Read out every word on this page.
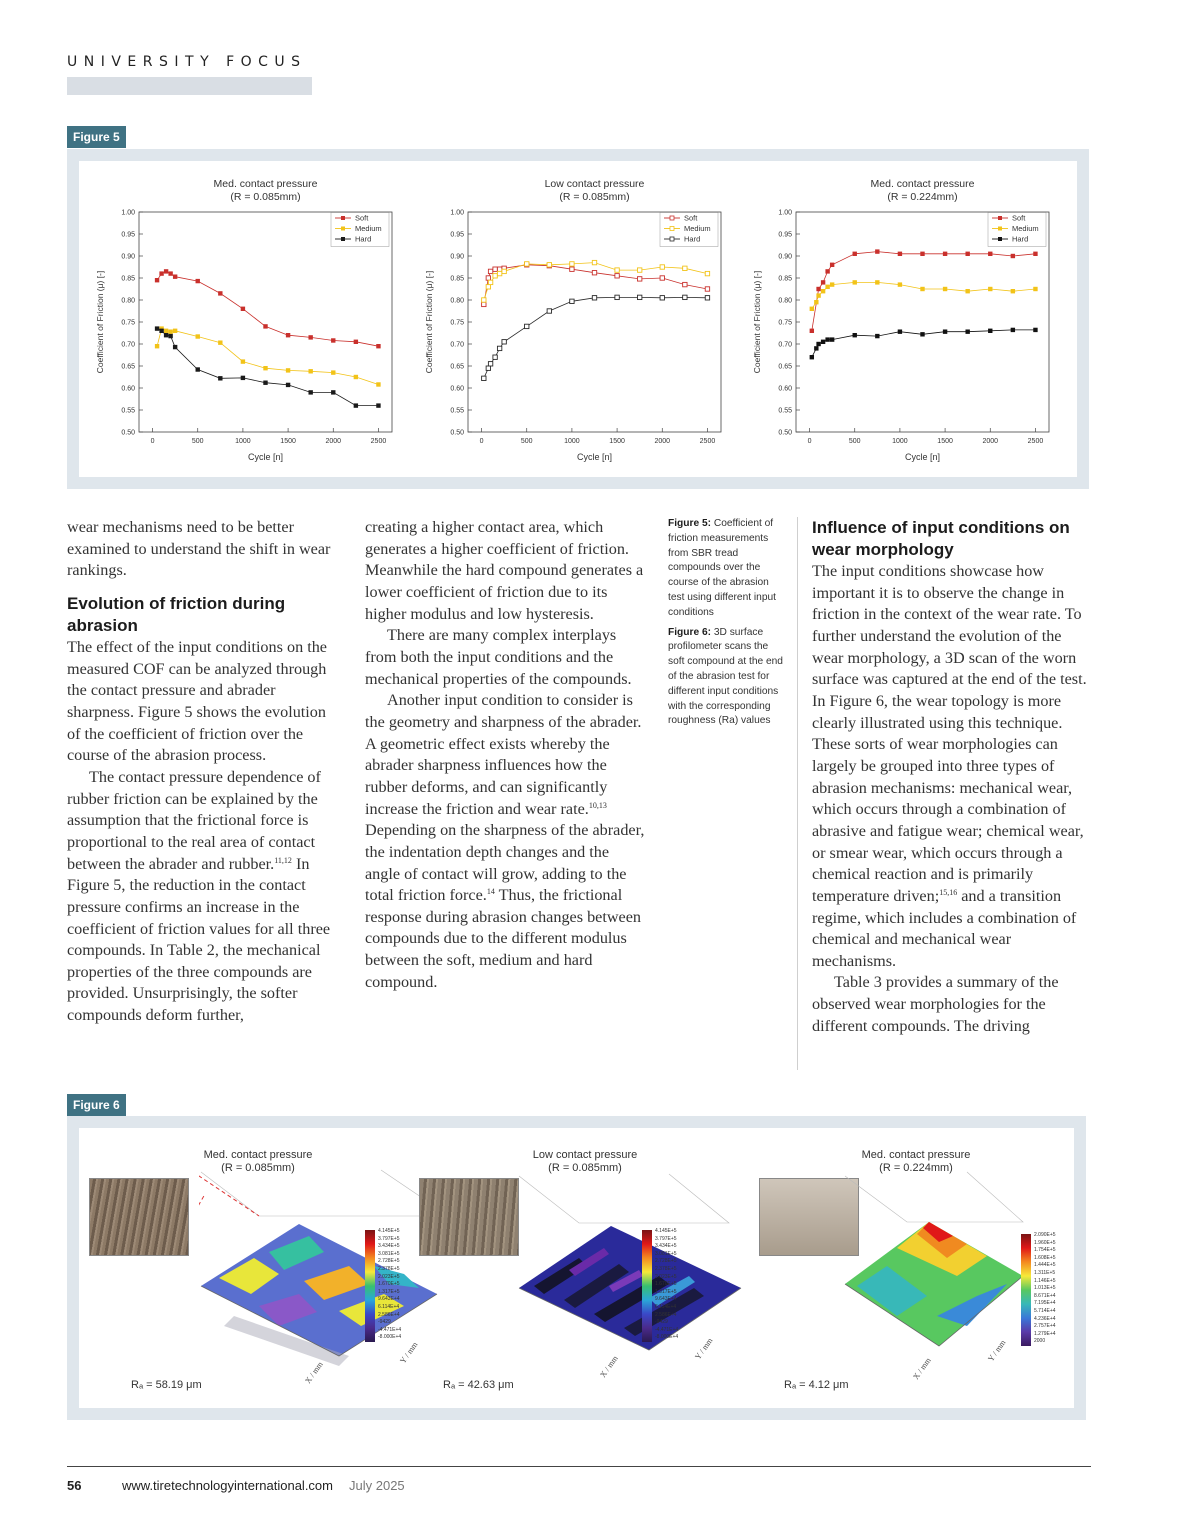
UNIVERSITY FOCUS
Figure 5
Med. contact pressure
(R = 0.085mm)
0.50
0.55
0.60
0.65
0.70
0.75
0.80
0.85
0.90
0.95
1.00
0	500	1000	1500	2000	2500
Cycle [n]
Coefficient of Friction (μ) [-]
Soft
Medium
Hard
Low contact pressure
(R = 0.085mm)
0.50
0.55
0.60
0.65
0.70
0.75
0.80
0.85
0.90
0.95
1.00
0	500	1000	1500	2000	2500
Cycle [n]
Coefficient of Friction (μ) [-]
Soft
Medium
Hard
Med. contact pressure
(R = 0.224mm)
0.50
0.55
0.60
0.65
0.70
0.75
0.80
0.85
0.90
0.95
1.00
0	500	1000	1500	2000	2500
Cycle [n]
Coefficient of Friction (μ) [-]
Soft
Medium
Hard

wear mechanisms need to be better examined to understand the shift in wear rankings.

Evolution of friction during abrasion

The effect of the input conditions on the measured COF can be analyzed through the contact pressure and abrader sharpness. Figure 5 shows the evolution of the coefficient of friction over the course of the abrasion process.

The contact pressure dependence of rubber friction can be explained by the assumption that the frictional force is proportional to the real area of contact between the abrader and rubber.$^{11,12}$ In Figure 5, the reduction in the contact pressure confirms an increase in the coefficient of friction values for all three compounds. In Table 2, the mechanical properties of the three compounds are provided. Unsurprisingly, the softer compounds deform further,

creating a higher contact area, which generates a higher coefficient of friction. Meanwhile the hard compound generates a lower coefficient of friction due to its higher modulus and low hysteresis.

There are many complex interplays from both the input conditions and the mechanical properties of the compounds.

Another input condition to consider is the geometry and sharpness of the abrader. A geometric effect exists whereby the abrader sharpness influences how the rubber deforms, and can significantly increase the friction and wear rate.$^{10,13}$ Depending on the sharpness of the abrader, the indentation depth changes and the angle of contact will grow, adding to the total friction force.$^{14}$ Thus, the frictional response during abrasion changes between compounds due to the different modulus between the soft, medium and hard compound.

Figure 5: Coefficient of friction measurements from SBR tread compounds over the course of the abrasion test using different input conditions

Figure 6: 3D surface profilometer scans the soft compound at the end of the abrasion test for different input conditions with the corresponding roughness (Ra) values

Influence of input conditions on wear morphology

The input conditions showcase how important it is to observe the change in friction in the context of the wear rate. To further understand the evolution of the wear morphology, a 3D scan of the worn surface was captured at the end of the test.

In Figure 6, the wear topology is more clearly illustrated using this technique. These sorts of wear morphologies can largely be grouped into three types of abrasion mechanisms: mechanical wear, which occurs through a combination of abrasive and fatigue wear; chemical wear, or smear wear, which occurs through a chemical reaction and is primarily temperature driven;$^{15,16}$ and a transition regime, which includes a combination of chemical and mechanical wear mechanisms.

Table 3 provides a summary of the observed wear morphologies for the different compounds. The driving

Figure 6
Med. contact pressure
(R = 0.085mm)
X / mm
Y / mm
4.145E+5
3.797E+5
3.434E+5
3.081E+5
2.728E+5
2.378E+5
2.023E+5
1.670E+5
1.317E+5
9.643E+4
6.114E+4
2.586E+4
-9429
-4.471E+4
-8.000E+4
Rₐ = 58.19 μm
Low contact pressure
(R = 0.085mm)
X / mm
Y / mm
4.145E+5
3.797E+5
3.434E+5
3.081E+5
2.728E+5
2.378E+5
2.023E+5
1.670E+5
1.317E+5
9.643E+4
6.114E+4
2.586E+4
-9429
-4.471E+4
-8.000E+4
Rₐ = 42.63 μm
Med. contact pressure
(R = 0.224mm)
X / mm
Y / mm
2.090E+5
1.960E+5
1.754E+5
1.608E+5
1.444E+5
1.311E+5
1.146E+5
1.013E+5
8.671E+4
7.195E+4
5.714E+4
4.236E+4
2.757E+4
1.279E+4
2000
Rₐ = 4.12 μm
56	www.tiretechnologyinternational.com July 2025
